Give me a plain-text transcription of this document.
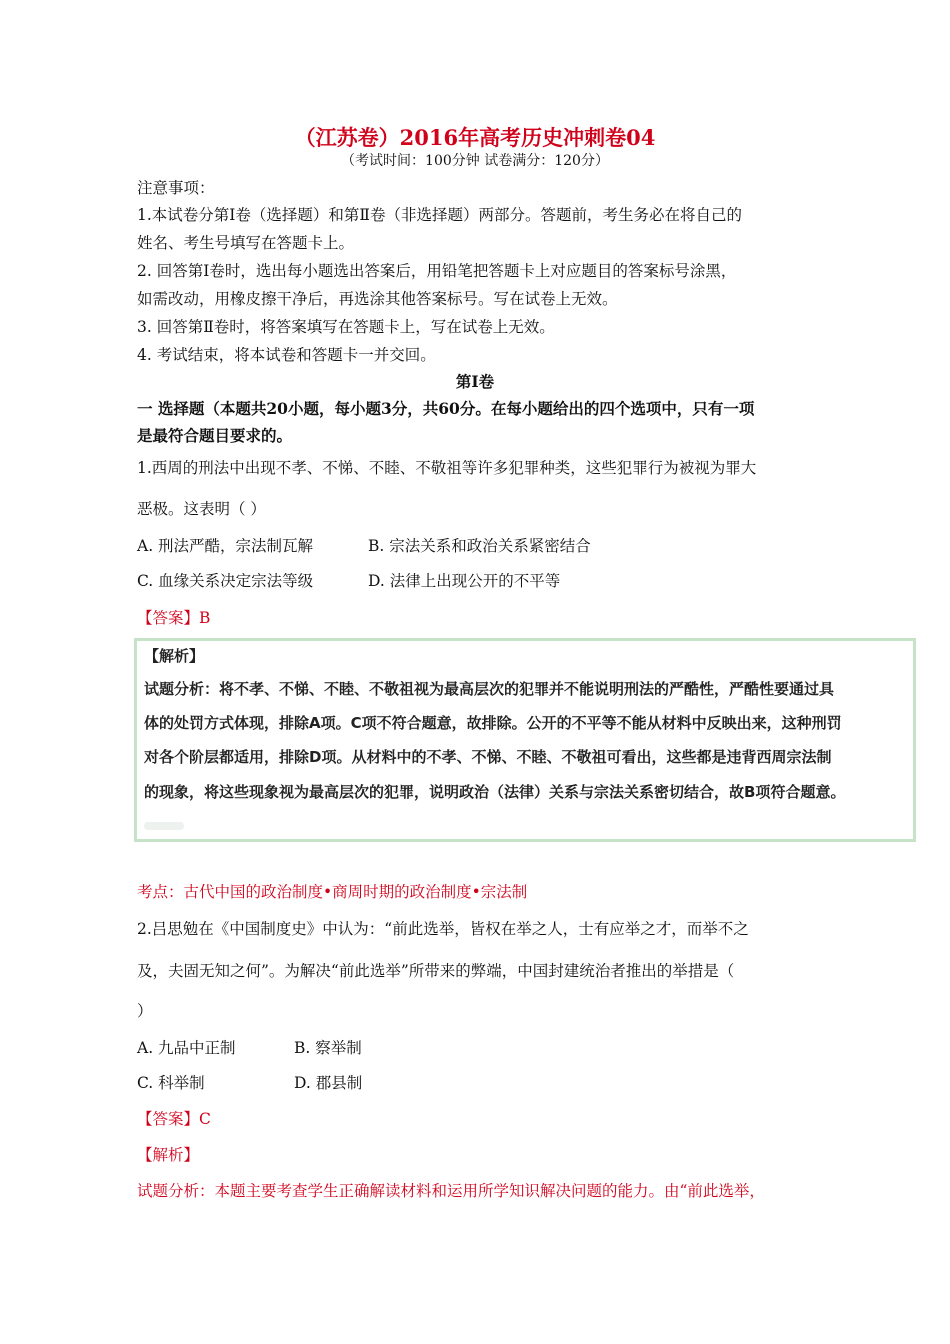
（江苏卷）2016年高考历史冲刺卷04
（考试时间：100分钟 试卷满分：120分）
注意事项：
1.本试卷分第Ⅰ卷（选择题）和第Ⅱ卷（非选择题）两部分。答题前，考生务必在将自己的
姓名、考生号填写在答题卡上。
2. 回答第Ⅰ卷时，选出每小题选出答案后，用铅笔把答题卡上对应题目的答案标号涂黑，
如需改动，用橡皮擦干净后，再选涂其他答案标号。写在试卷上无效。
3. 回答第Ⅱ卷时，将答案填写在答题卡上，写在试卷上无效。
4. 考试结束，将本试卷和答题卡一并交回。
第Ⅰ卷
一 选择题（本题共20小题，每小题3分，共60分。在每小题给出的四个选项中，只有一项
是最符合题目要求的。
1.西周的刑法中出现不孝、不悌、不睦、不敬祖等许多犯罪种类，这些犯罪行为被视为罪大
恶极。这表明（ ）
A. 刑法严酷，宗法制瓦解	B. 宗法关系和政治关系紧密结合
C. 血缘关系决定宗法等级	D. 法律上出现公开的不平等
【答案】B
【解析】
试题分析：将不孝、不悌、不睦、不敬祖视为最高层次的犯罪并不能说明刑法的严酷性，严酷性要通过具
体的处罚方式体现，排除A项。C项不符合题意，故排除。公开的不平等不能从材料中反映出来，这种刑罚
对各个阶层都适用，排除D项。从材料中的不孝、不悌、不睦、不敬祖可看出，这些都是违背西周宗法制
的现象，将这些现象视为最高层次的犯罪，说明政治（法律）关系与宗法关系密切结合，故B项符合题意。
考点：古代中国的政治制度•商周时期的政治制度•宗法制
2.吕思勉在《中国制度史》中认为：“前此选举，皆权在举之人，士有应举之才，而举不之
及，夫固无知之何”。为解决“前此选举”所带来的弊端，中国封建统治者推出的举措是（
）
A. 九品中正制	B. 察举制
C. 科举制	D. 郡县制
【答案】C
【解析】
试题分析：本题主要考查学生正确解读材料和运用所学知识解决问题的能力。由“前此选举，
